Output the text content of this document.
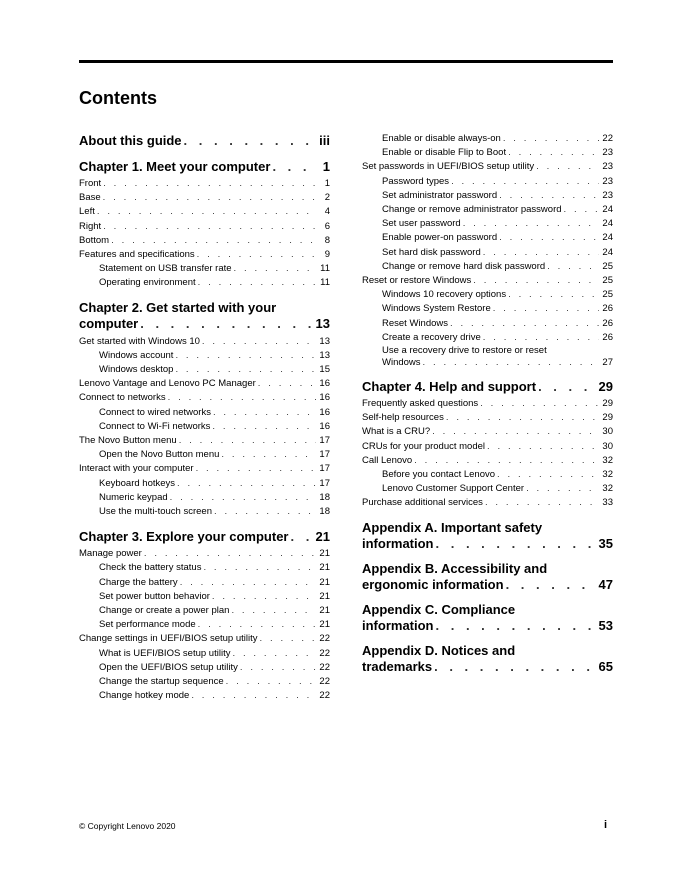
Contents
About this guide . . .	iii
Chapter 1. Meet your computer . . .	1
Front . . .	1
Base . . .	2
Left . . .	4
Right . . .	6
Bottom . . .	8
Features and specifications . . .	9
Statement on USB transfer rate . . .	11
Operating environment . . .	11
Chapter 2. Get started with your
computer . . .	13
Get started with Windows 10 . . .	13
Windows account . . .	13
Windows desktop . . .	15
Lenovo Vantage and Lenovo PC Manager . . .	16
Connect to networks . . .	16
Connect to wired networks . . .	16
Connect to Wi-Fi networks . . .	16
The Novo Button menu . . .	17
Open the Novo Button menu . . .	17
Interact with your computer . . .	17
Keyboard hotkeys . . .	17
Numeric keypad . . .	18
Use the multi-touch screen . . .	18
Chapter 3. Explore your computer . . . 21
Manage power . . .	21
Check the battery status . . .	21
Charge the battery . . .	21
Set power button behavior . . .	21
Change or create a power plan . . .	21
Set performance mode . . .	21
Change settings in UEFI/BIOS setup utility . . .	22
What is UEFI/BIOS setup utility . . .	22
Open the UEFI/BIOS setup utility . . .	22
Change the startup sequence . . .	22
Change hotkey mode . . .	22
Enable or disable always-on . . .	22
Enable or disable Flip to Boot . . .	23
Set passwords in UEFI/BIOS setup utility . . .	23
Password types . . .	23
Set administrator password . . .	23
Change or remove administrator password . . .	24
Set user password . . .	24
Enable power-on password . . .	24
Set hard disk password . . .	24
Change or remove hard disk password . . .	25
Reset or restore Windows . . .	25
Windows 10 recovery options . . .	25
Windows System Restore . . .	26
Reset Windows . . .	26
Create a recovery drive . . .	26
Use a recovery drive to restore or reset
Windows . . .	27
Chapter 4. Help and support . . .	29
Frequently asked questions . . .	29
Self-help resources . . .	29
What is a CRU? . . .	30
CRUs for your product model . . .	30
Call Lenovo . . .	32
Before you contact Lenovo . . .	32
Lenovo Customer Support Center . . .	32
Purchase additional services . . .	33
Appendix A. Important safety
information . . .	35
Appendix B. Accessibility and
ergonomic information . . .	47
Appendix C. Compliance
information . . .	53
Appendix D. Notices and
trademarks . . .	65
© Copyright Lenovo 2020	i
